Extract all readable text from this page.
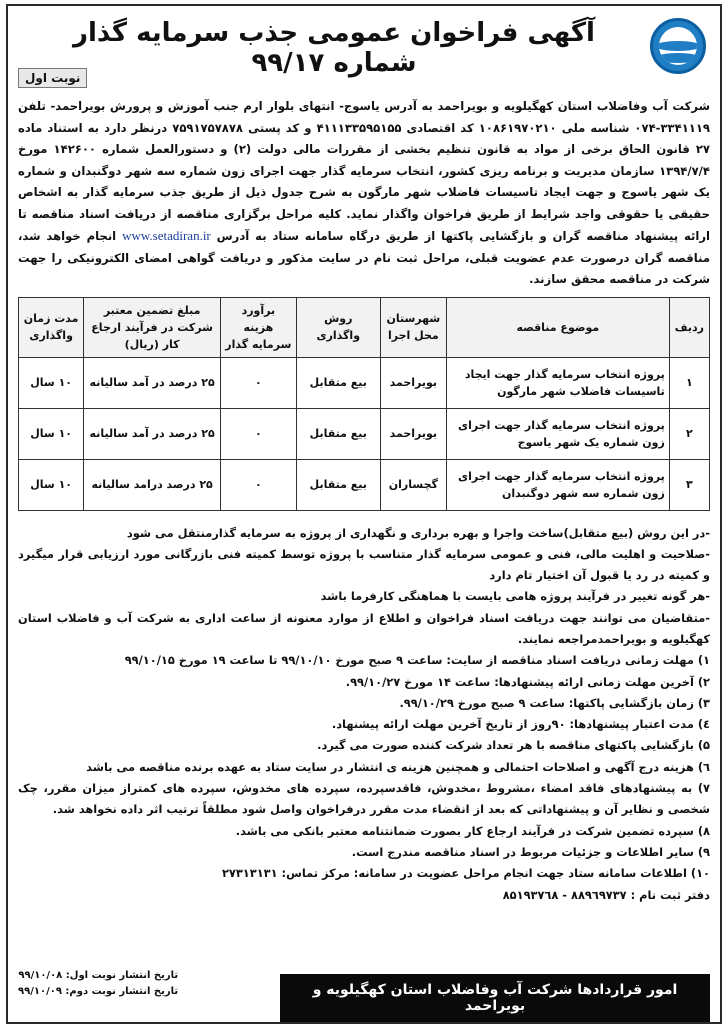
آگهی فراخوان عمومی جذب سرمایه گذار شماره ۹۹/۱۷
نوبت اول
شرکت آب وفاضلاب استان کهگیلویه و بویراحمد به آدرس یاسوج- انتهای بلوار ارم جنب آموزش و پرورش بویراحمد- تلفن ۳۳۴۱۱۱۹-۰۷۴ شناسه ملی ۱۰۸۶۱۹۷۰۲۱۰ کد اقتصادی ۴۱۱۱۳۳۵۹۵۱۵۵ و کد پستی ۷۵۹۱۷۵۷۸۷۸ درنظر دارد به استناد ماده ۲۷ قانون الحاق برخی از مواد به قانون تنظیم بخشی از مقررات مالی دولت (۲) و دستورالعمل شماره ۱۴۲۶۰۰ مورخ ۱۳۹۴/۷/۴ سازمان مدیریت و برنامه ریزی کشور، انتخاب سرمایه گذار جهت اجرای زون شماره سه شهر دوگنبدان و شماره یک شهر یاسوج و جهت ایجاد تاسیسات فاضلاب شهر مارگون به شرح جدول ذیل از طریق جذب سرمایه گذار به اشخاص حقیقی یا حقوقی واجد شرایط از طریق فراخوان واگذار نماید. کلیه مراحل برگزاری مناقصه از دریافت اسناد مناقصه تا ارائه پیشنهاد مناقصه گران و بازگشایی پاکتها از طریق درگاه سامانه ستاد به آدرس www.setadiran.ir انجام خواهد شد، مناقصه گران درصورت عدم عضویت قبلی، مراحل ثبت نام در سایت مذکور و دریافت گواهی امضای الکترونیکی را جهت شرکت در مناقصه محقق سازند.
ردیف	موضوع مناقصه	شهرستان محل اجرا	روش واگذاری	برآورد هزینه سرمایه گذار	مبلغ تضمین معتبر شرکت در فرآیند ارجاع کار (ریال)	مدت زمان واگذاری
۱	پروژه انتخاب سرمایه گذار جهت ایجاد تاسیسات فاضلاب شهر مارگون	بویراحمد	بیع متقابل	۰	۲۵ درصد در آمد سالیانه	۱۰ سال
۲	پروژه انتخاب سرمایه گذار جهت اجرای زون شماره یک شهر یاسوج	بویراحمد	بیع متقابل	۰	۲۵ درصد در آمد سالیانه	۱۰ سال
۳	پروژه انتخاب سرمایه گذار جهت اجرای زون شماره سه شهر دوگنبدان	گچساران	بیع متقابل	۰	۲۵ درصد درامد سالیانه	۱۰ سال

-در این روش (بیع متقابل)ساخت واجرا و بهره برداری و نگهداری از پروژه به سرمایه گذارمنتقل می شود

-صلاحیت و اهلیت مالی، فنی و عمومی سرمایه گذار متناسب با پروژه توسط کمیته فنی بازرگانی مورد ارزیابی قرار میگیرد و کمیته در رد یا قبول آن اختیار تام دارد

-هر گونه تغییر در فرآیند پروژه هامی بایست با هماهنگی کارفرما باشد

-متقاضیان می توانند جهت دریافت اسناد فراخوان و اطلاع از موارد معنونه از ساعت اداری به شرکت آب و فاضلاب استان کهگیلویه و بویراحمدمراجعه نمایند.

۱) مهلت زمانی دریافت اسناد مناقصه از سایت: ساعت ۹ صبح مورخ ۹۹/۱۰/۱۰ تا ساعت ۱۹ مورخ ۹۹/۱۰/۱۵

۲) آخرین مهلت زمانی ارائه پیشنهادها: ساعت ۱۴ مورخ ۹۹/۱۰/۲۷.

۳) زمان بازگشایی پاکتها: ساعت ۹ صبح مورخ ۹۹/۱۰/۲۹.

٤) مدت اعتبار پیشنهادها: ۹۰روز از تاریخ آخرین مهلت ارائه پیشنهاد.

۵) بازگشایی پاکتهای مناقصه با هر تعداد شرکت کننده صورت می گیرد.

٦) هزینه درج آگهی و اصلاحات احتمالی و همچنین هزینه ی انتشار در سایت ستاد به عهده برنده مناقصه می باشد

۷) به پیشنهادهای فاقد امضاء ،مشروط ،مخدوش، فاقدسپرده، سپرده های مخدوش، سپرده های کمتراز میزان مقرر، چک شخصی و نظایر آن و پیشنهاداتی که بعد از انقضاء مدت مقرر درفراخوان واصل شود مطلقاً ترتیب اثر داده نخواهد شد.

۸) سپرده تضمین شرکت در فرآیند ارجاع کار بصورت ضمانتنامه معتبر بانکی می باشد.

۹) سایر اطلاعات و جزئیات مربوط در اسناد مناقصه مندرج است.

۱۰) اطلاعات سامانه ستاد جهت انجام مراحل عضویت در سامانه: مرکز تماس: ۲۷۳۱۳۱۳۱

دفتر ثبت نام : ۸۸۹٦۹۷۳۷ - ۸۵۱۹۳۷٦۸

تاریخ انتشار نوبت اول: ۹۹/۱۰/۰۸
تاریخ انتشار نوبت دوم: ۹۹/۱۰/۰۹	امور قراردادها شرکت آب وفاضلاب استان کهگیلویه و بویراحمد
